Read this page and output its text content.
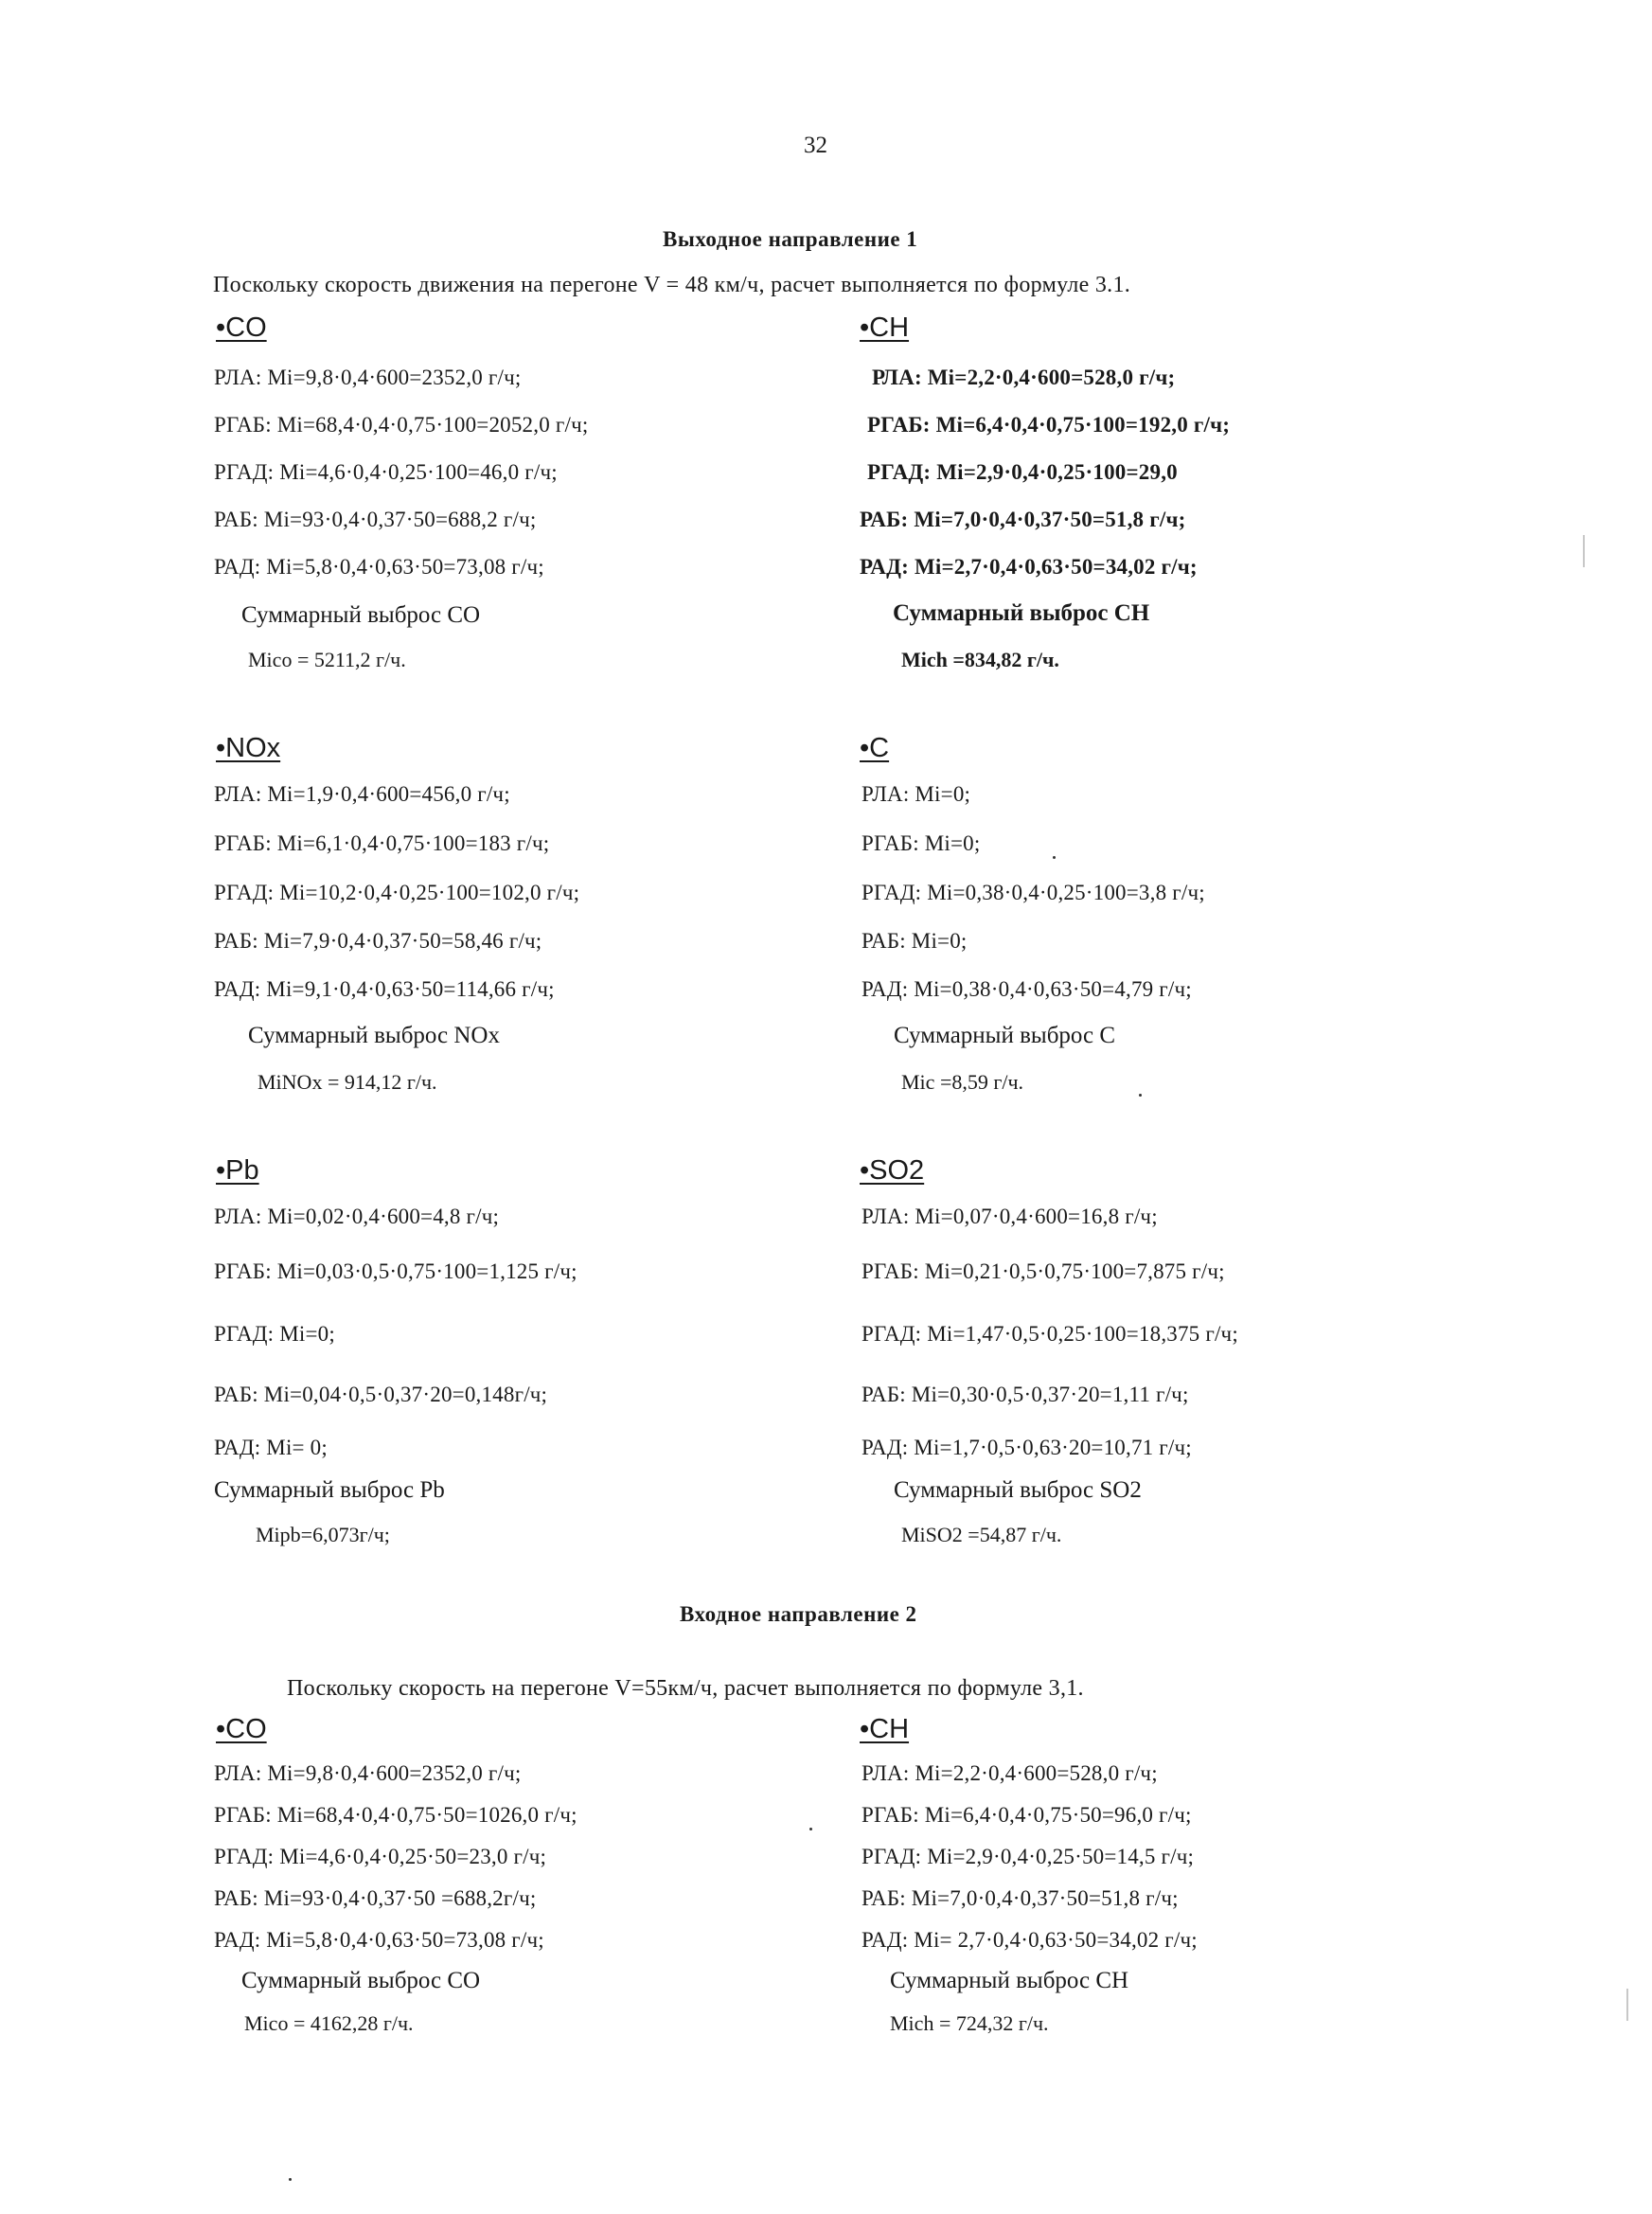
32
Выходное направление 1
Поскольку скорость движения на перегоне V = 48 км/ч, расчет выполняется по формуле 3.1.
•CO
РЛА: Mi=9,8·0,4·600=2352,0 г/ч;
РГАБ: Mi=68,4·0,4·0,75·100=2052,0 г/ч;
РГАД: Mi=4,6·0,4·0,25·100=46,0 г/ч;
РАБ: Mi=93·0,4·0,37·50=688,2 г/ч;
РАД: Mi=5,8·0,4·0,63·50=73,08 г/ч;
Суммарный выброс CO
Mico = 5211,2 г/ч.
•CH
РЛА: Mi=2,2·0,4·600=528,0 г/ч;
РГАБ: Mi=6,4·0,4·0,75·100=192,0 г/ч;
РГАД: Mi=2,9·0,4·0,25·100=29,0
РАБ: Mi=7,0·0,4·0,37·50=51,8 г/ч;
РАД: Mi=2,7·0,4·0,63·50=34,02 г/ч;
Суммарный выброс CH
Mich =834,82 г/ч.
•NOx
РЛА: Mi=1,9·0,4·600=456,0 г/ч;
РГАБ: Mi=6,1·0,4·0,75·100=183 г/ч;
РГАД: Mi=10,2·0,4·0,25·100=102,0 г/ч;
РАБ: Mi=7,9·0,4·0,37·50=58,46 г/ч;
РАД: Mi=9,1·0,4·0,63·50=114,66 г/ч;
Суммарный выброс NOx
MiNOx = 914,12 г/ч.
•C
РЛА: Mi=0;
РГАБ: Mi=0;
РГАД: Mi=0,38·0,4·0,25·100=3,8 г/ч;
РАБ: Mi=0;
РАД: Mi=0,38·0,4·0,63·50=4,79 г/ч;
Суммарный выброс C
Mic =8,59 г/ч.
•Pb
РЛА: Mi=0,02·0,4·600=4,8 г/ч;
РГАБ: Mi=0,03·0,5·0,75·100=1,125 г/ч;
РГАД: Mi=0;
РАБ: Mi=0,04·0,5·0,37·20=0,148г/ч;
РАД: Mi= 0;
Суммарный выброс Pb
Mipb=6,073г/ч;
•SO2
РЛА: Mi=0,07·0,4·600=16,8 г/ч;
РГАБ: Mi=0,21·0,5·0,75·100=7,875 г/ч;
РГАД: Mi=1,47·0,5·0,25·100=18,375 г/ч;
РАБ: Mi=0,30·0,5·0,37·20=1,11 г/ч;
РАД: Mi=1,7·0,5·0,63·20=10,71 г/ч;
Суммарный выброс SO2
MiSO2 =54,87 г/ч.
Входное направление 2
Поскольку скорость на перегоне V=55км/ч, расчет выполняется по формуле 3,1.
•CO
РЛА: Mi=9,8·0,4·600=2352,0 г/ч;
РГАБ: Mi=68,4·0,4·0,75·50=1026,0 г/ч;
РГАД: Mi=4,6·0,4·0,25·50=23,0 г/ч;
РАБ: Mi=93·0,4·0,37·50 =688,2г/ч;
РАД: Mi=5,8·0,4·0,63·50=73,08 г/ч;
Суммарный выброс CO
Mico = 4162,28 г/ч.
•CH
РЛА: Mi=2,2·0,4·600=528,0 г/ч;
РГАБ: Mi=6,4·0,4·0,75·50=96,0 г/ч;
РГАД: Mi=2,9·0,4·0,25·50=14,5 г/ч;
РАБ: Mi=7,0·0,4·0,37·50=51,8 г/ч;
РАД: Mi= 2,7·0,4·0,63·50=34,02 г/ч;
Суммарный выброс CH
Mich = 724,32 г/ч.
